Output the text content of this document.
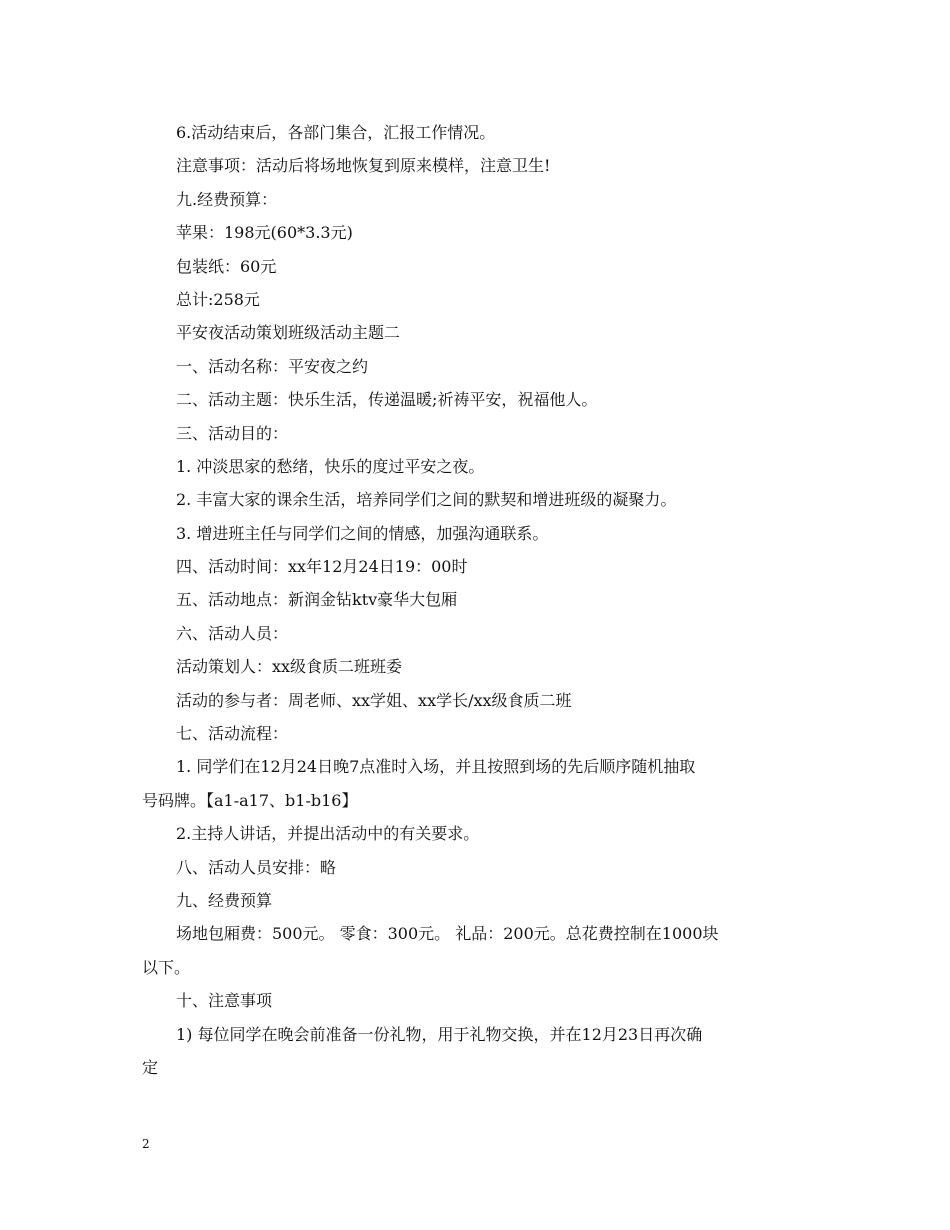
6.活动结束后，各部门集合，汇报工作情况。
注意事项：活动后将场地恢复到原来模样，注意卫生!
九.经费预算：
苹果：198元(60*3.3元)
包装纸：60元
总计:258元
平安夜活动策划班级活动主题二
一、活动名称：平安夜之约
二、活动主题：快乐生活，传递温暖;祈祷平安，祝福他人。
三、活动目的：
1. 冲淡思家的愁绪，快乐的度过平安之夜。
2. 丰富大家的课余生活，培养同学们之间的默契和增进班级的凝聚力。
3. 增进班主任与同学们之间的情感，加强沟通联系。
四、活动时间：xx年12月24日19：00时
五、活动地点：新润金钻ktv豪华大包厢
六、活动人员：
活动策划人：xx级食质二班班委
活动的参与者：周老师、xx学姐、xx学长/xx级食质二班
七、活动流程：
1. 同学们在12月24日晚7点准时入场，并且按照到场的先后顺序随机抽取
号码牌。【a1-a17、b1-b16】
2.主持人讲话，并提出活动中的有关要求。
八、活动人员安排：略
九、经费预算
场地包厢费：500元。 零食：300元。 礼品：200元。总花费控制在1000块
以下。
十、注意事项
1) 每位同学在晚会前准备一份礼物，用于礼物交换，并在12月23日再次确
定
2
